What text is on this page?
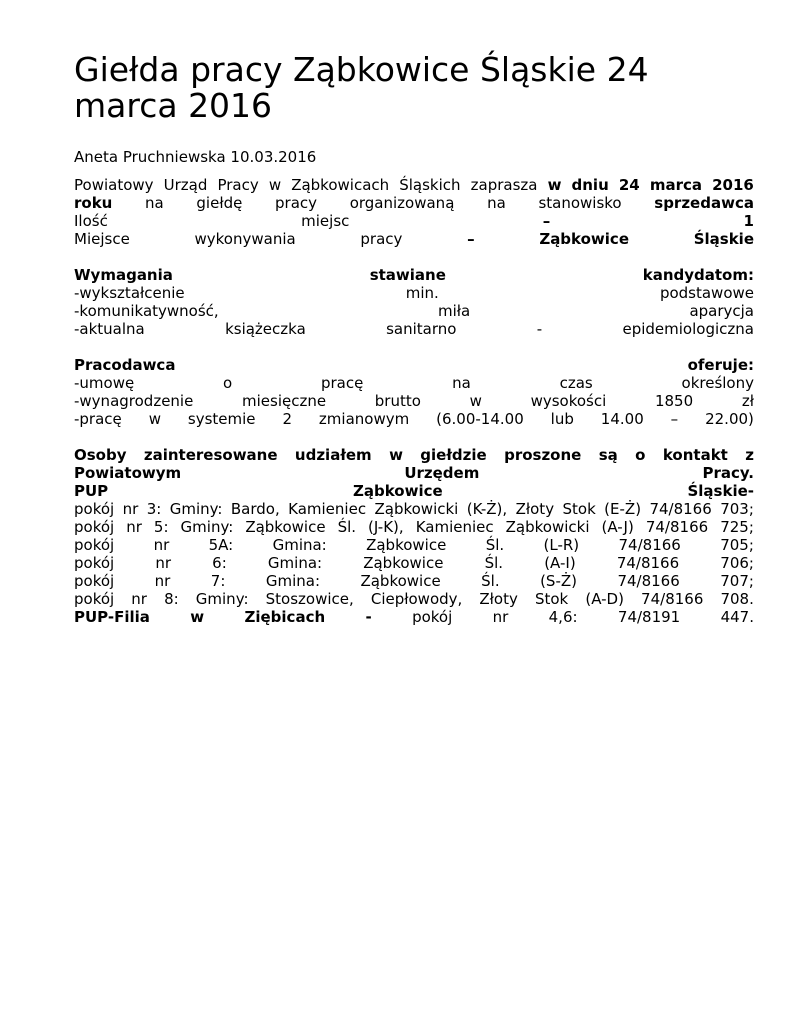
Giełda pracy Ząbkowice Śląskie 24 marca 2016
Aneta Pruchniewska 10.03.2016
Powiatowy Urząd Pracy w Ząbkowicach Śląskich zaprasza w dniu 24 marca 2016
roku na giełdę pracy organizowaną na stanowisko sprzedawca
Ilość	miejsc	–	1
Miejsce	wykonywania	pracy	–	Ząbkowice	Śląskie
Wymagania	stawiane	kandydatom:
-wykształcenie	min.	podstawowe
-komunikatywność,	miła	aparycja
-aktualna	książeczka	sanitarno	-	epidemiologiczna
Pracodawca	oferuje:
-umowę	o	pracę	na	czas	określony
-wynagrodzenie	miesięczne	brutto	w	wysokości	1850	zł
-pracę w systemie 2 zmianowym (6.00-14.00 lub 14.00 – 22.00)
Osoby zainteresowane udziałem w giełdzie proszone są o kontakt z
Powiatowym	Urzędem	Pracy.
PUP	Ząbkowice	Śląskie-
pokój nr 3: Gminy: Bardo, Kamieniec Ząbkowicki (K-Ż), Złoty Stok (E-Ż) 74/8166 703;
pokój nr 5: Gminy: Ząbkowice Śl. (J-K), Kamieniec Ząbkowicki (A-J) 74/8166 725;
pokój	nr	5A:	Gmina:	Ząbkowice	Śl.	(L-R)	74/8166	705;
pokój	nr	6:	Gmina:	Ząbkowice	Śl.	(A-I)	74/8166	706;
pokój	nr	7:	Gmina:	Ząbkowice	Śl.	(S-Ż)	74/8166	707;
pokój nr 8: Gminy: Stoszowice, Ciepłowody, Złoty Stok (A-D) 74/8166 708.
PUP-Filia	w	Ziębicach	-	pokój	nr	4,6:	74/8191	447.
